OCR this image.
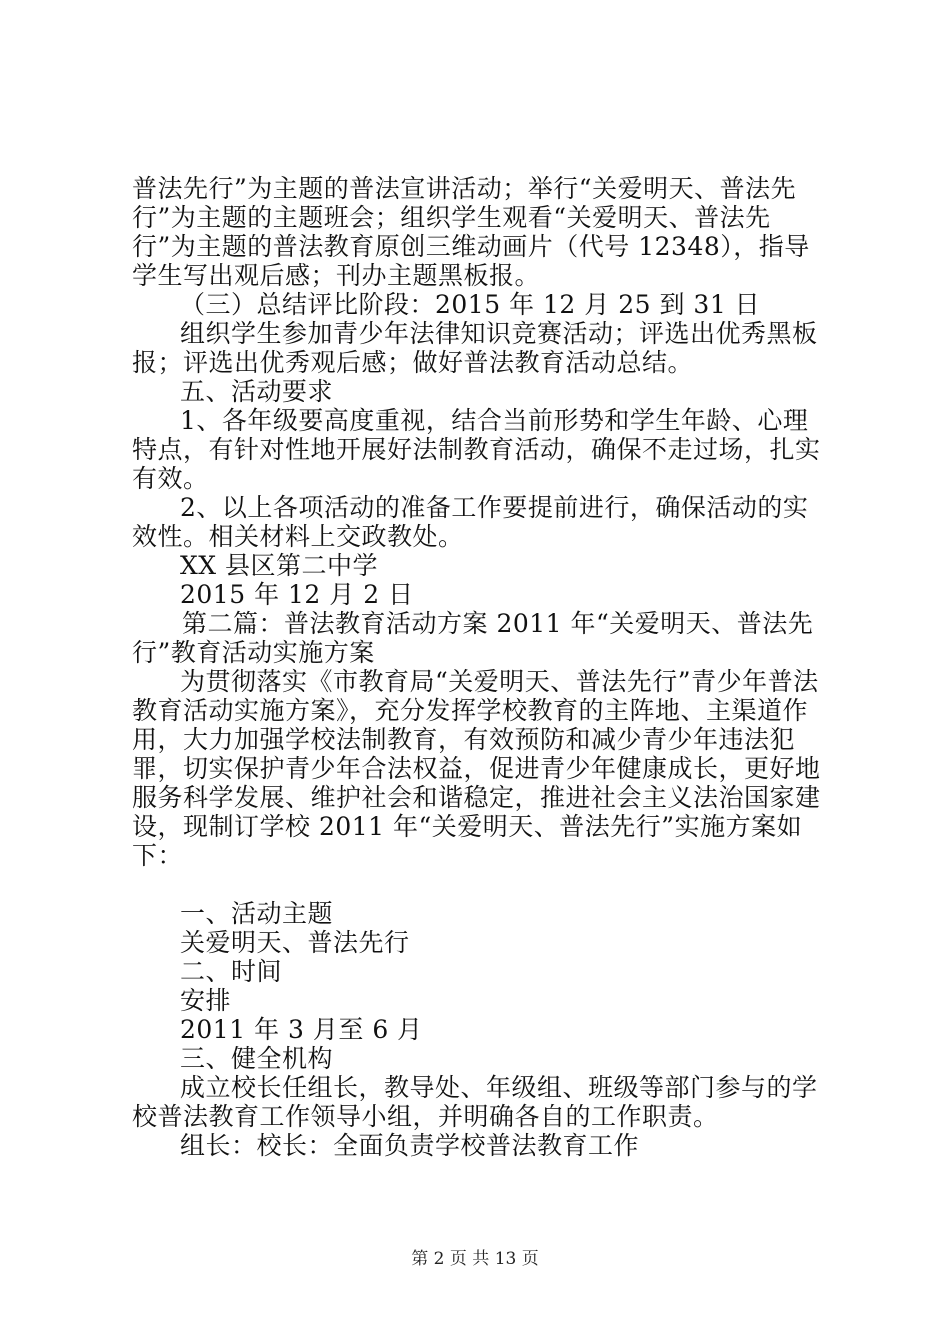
普法先行”为主题的普法宣讲活动；举行“关爱明天、普法先行”为主题的主题班会；组织学生观看“关爱明天、普法先行”为主题的普法教育原创三维动画片（代号 12348），指导学生写出观后感；刊办主题黑板报。

（三）总结评比阶段：2015 年 12 月 25 到 31 日

组织学生参加青少年法律知识竞赛活动；评选出优秀黑板报；评选出优秀观后感；做好普法教育活动总结。

五、活动要求

1、各年级要高度重视，结合当前形势和学生年龄、心理特点，有针对性地开展好法制教育活动，确保不走过场，扎实有效。

2、以上各项活动的准备工作要提前进行，确保活动的实效性。相关材料上交政教处。

XX 县区第二中学

2015 年 12 月 2 日

第二篇：普法教育活动方案 2011 年“关爱明天、普法先行”教育活动实施方案

为贯彻落实《市教育局“关爱明天、普法先行”青少年普法教育活动实施方案》，充分发挥学校教育的主阵地、主渠道作用，大力加强学校法制教育，有效预防和减少青少年违法犯罪，切实保护青少年合法权益，促进青少年健康成长，更好地服务科学发展、维护社会和谐稳定，推进社会主义法治国家建设，现制订学校 2011 年“关爱明天、普法先行”实施方案如下：

一、活动主题

关爱明天、普法先行

二、时间

安排

2011 年 3 月至 6 月

三、健全机构

成立校长任组长，教导处、年级组、班级等部门参与的学校普法教育工作领导小组，并明确各自的工作职责。

组长：校长：全面负责学校普法教育工作

第 2 页 共 13 页
